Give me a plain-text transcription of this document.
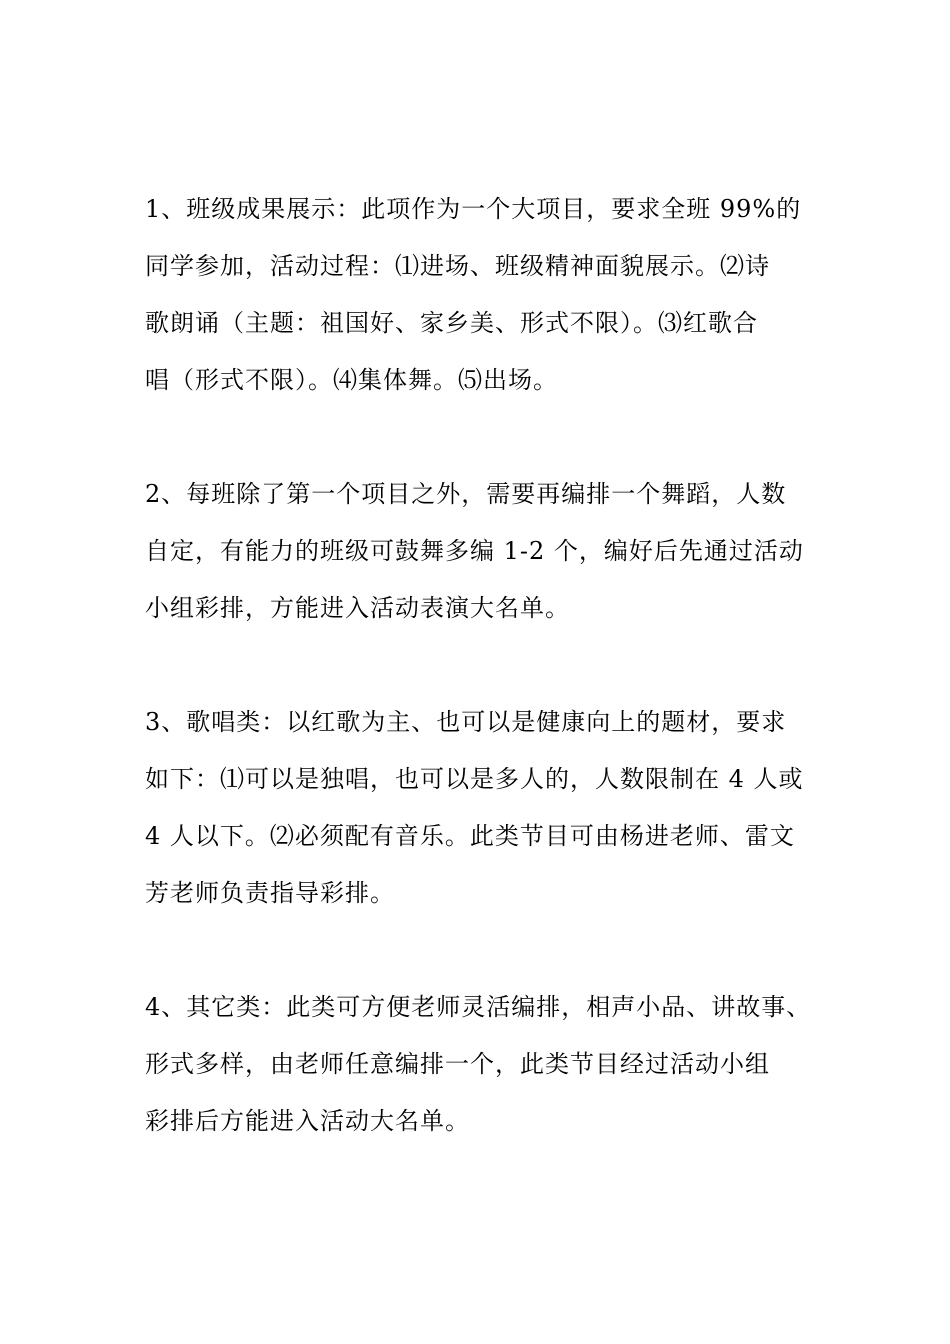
1、班级成果展示：此项作为一个大项目，要求全班 99%的
同学参加，活动过程：⑴进场、班级精神面貌展示。⑵诗
歌朗诵（主题：祖国好、家乡美、形式不限）。⑶红歌合
唱（形式不限）。⑷集体舞。⑸出场。
2、每班除了第一个项目之外，需要再编排一个舞蹈，人数
自定，有能力的班级可鼓舞多编 1-2 个，编好后先通过活动
小组彩排，方能进入活动表演大名单。
3、歌唱类：以红歌为主、也可以是健康向上的题材，要求
如下：⑴可以是独唱，也可以是多人的，人数限制在 4 人或
4 人以下。⑵必须配有音乐。此类节目可由杨进老师、雷文
芳老师负责指导彩排。
4、其它类：此类可方便老师灵活编排，相声小品、讲故事、
形式多样，由老师任意编排一个，此类节目经过活动小组
彩排后方能进入活动大名单。
